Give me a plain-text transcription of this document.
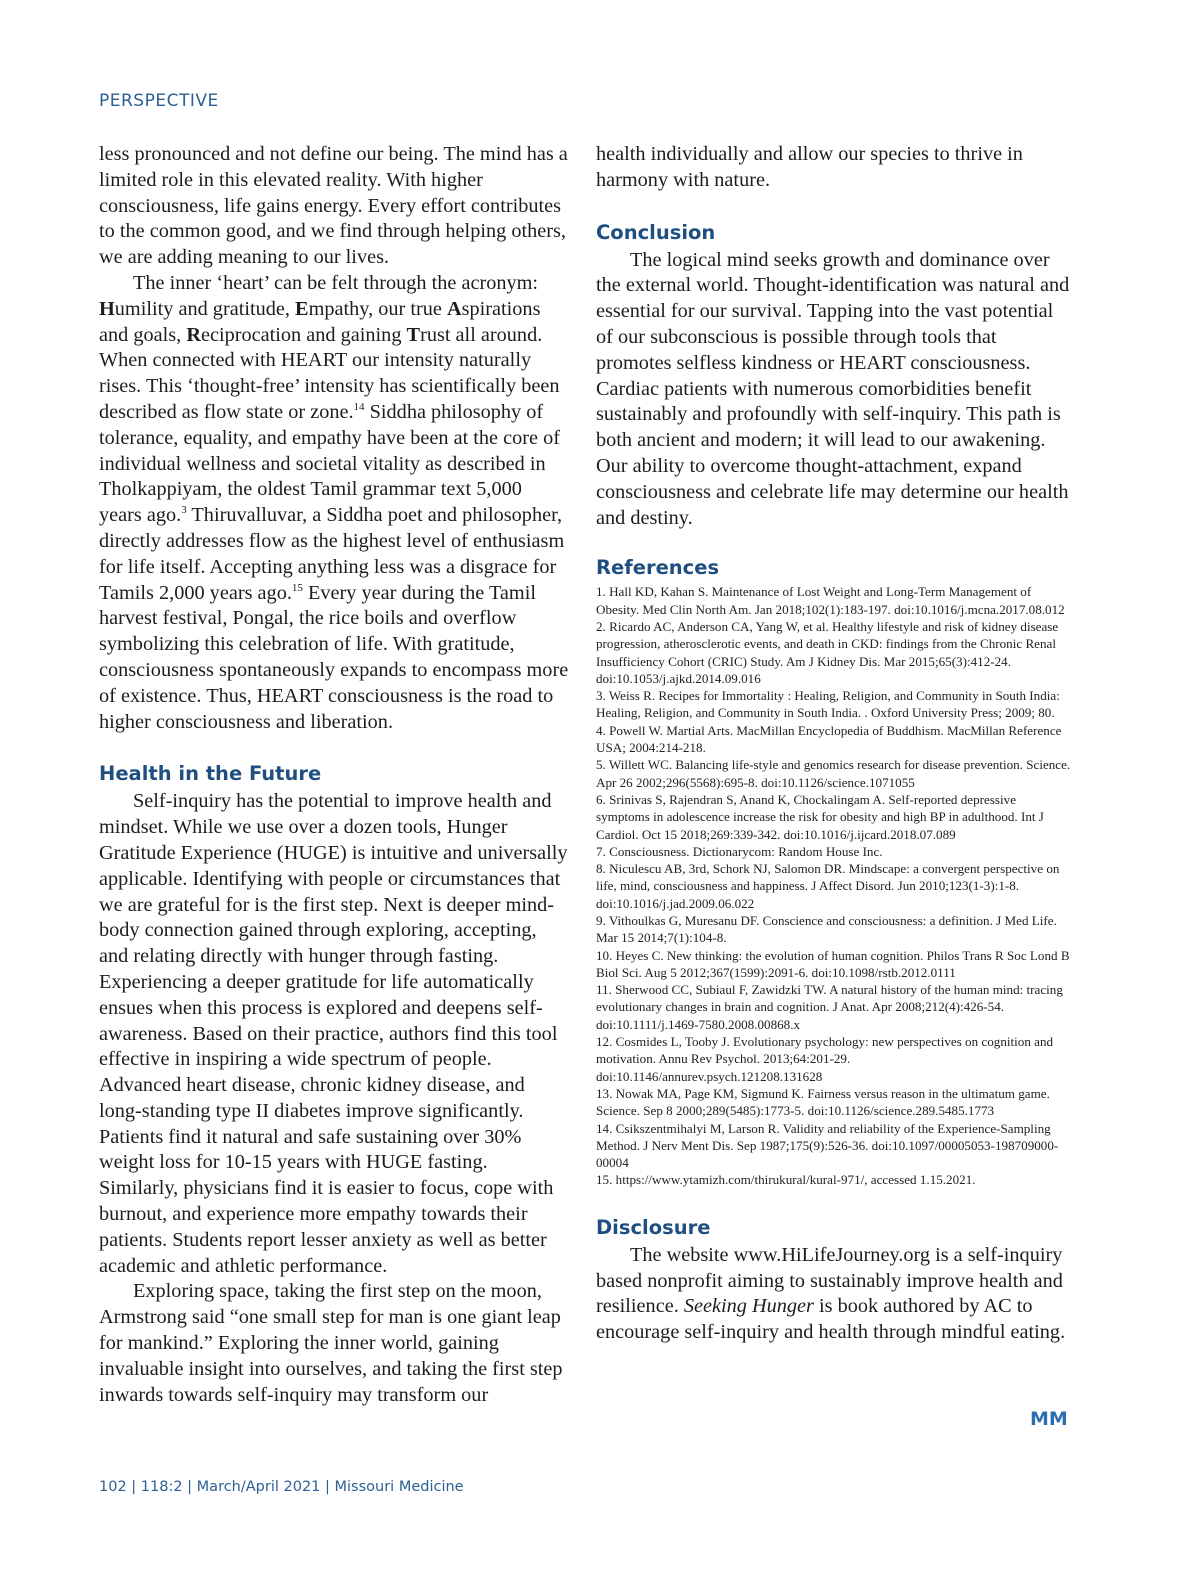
PERSPECTIVE

less pronounced and not define our being. The mind has a limited role in this elevated reality. With higher consciousness, life gains energy. Every effort contributes to the common good, and we find through helping others, we are adding meaning to our lives.

The inner ‘heart’ can be felt through the acronym: Humility and gratitude, Empathy, our true Aspirations and goals, Reciprocation and gaining Trust all around. When connected with HEART our intensity naturally rises. This ‘thought-free’ intensity has scientifically been described as flow state or zone.$^{14}$ Siddha philosophy of tolerance, equality, and empathy have been at the core of individual wellness and societal vitality as described in Tholkappiyam, the oldest Tamil grammar text 5,000 years ago.$^3$ Thiruvalluvar, a Siddha poet and philosopher, directly addresses flow as the highest level of enthusiasm for life itself. Accepting anything less was a disgrace for Tamils 2,000 years ago.$^{15}$ Every year during the Tamil harvest festival, Pongal, the rice boils and overflow symbolizing this celebration of life. With gratitude, consciousness spontaneously expands to encompass more of existence. Thus, HEART consciousness is the road to higher consciousness and liberation.

Health in the Future

Self-inquiry has the potential to improve health and mindset. While we use over a dozen tools, Hunger Gratitude Experience (HUGE) is intuitive and universally applicable. Identifying with people or circumstances that we are grateful for is the first step. Next is deeper mind-body connection gained through exploring, accepting, and relating directly with hunger through fasting. Experiencing a deeper gratitude for life automatically ensues when this process is explored and deepens self-awareness. Based on their practice, authors find this tool effective in inspiring a wide spectrum of people. Advanced heart disease, chronic kidney disease, and long-standing type II diabetes improve significantly. Patients find it natural and safe sustaining over 30% weight loss for 10-15 years with HUGE fasting. Similarly, physicians find it is easier to focus, cope with burnout, and experience more empathy towards their patients. Students report lesser anxiety as well as better academic and athletic performance.

Exploring space, taking the first step on the moon, Armstrong said “one small step for man is one giant leap for mankind.” Exploring the inner world, gaining invaluable insight into ourselves, and taking the first step inwards towards self-inquiry may transform our

health individually and allow our species to thrive in harmony with nature.

Conclusion

The logical mind seeks growth and dominance over the external world. Thought-identification was natural and essential for our survival. Tapping into the vast potential of our subconscious is possible through tools that promotes selfless kindness or HEART consciousness. Cardiac patients with numerous comorbidities benefit sustainably and profoundly with self-inquiry. This path is both ancient and modern; it will lead to our awakening. Our ability to overcome thought-attachment, expand consciousness and celebrate life may determine our health and destiny.

References
1. Hall KD, Kahan S. Maintenance of Lost Weight and Long-Term Management of Obesity. Med Clin North Am. Jan 2018;102(1):183-197. doi:10.1016/j.mcna.2017.08.012
2. Ricardo AC, Anderson CA, Yang W, et al. Healthy lifestyle and risk of kidney disease progression, atherosclerotic events, and death in CKD: findings from the Chronic Renal Insufficiency Cohort (CRIC) Study. Am J Kidney Dis. Mar 2015;65(3):412-24. doi:10.1053/j.ajkd.2014.09.016
3. Weiss R. Recipes for Immortality : Healing, Religion, and Community in South India: Healing, Religion, and Community in South India. . Oxford University Press; 2009; 80.
4. Powell W. Martial Arts. MacMillan Encyclopedia of Buddhism. MacMillan Reference USA; 2004:214-218.
5. Willett WC. Balancing life-style and genomics research for disease prevention. Science. Apr 26 2002;296(5568):695-8. doi:10.1126/science.1071055
6. Srinivas S, Rajendran S, Anand K, Chockalingam A. Self-reported depressive symptoms in adolescence increase the risk for obesity and high BP in adulthood. Int J Cardiol. Oct 15 2018;269:339-342. doi:10.1016/j.ijcard.2018.07.089
7. Consciousness. Dictionarycom: Random House Inc.
8. Niculescu AB, 3rd, Schork NJ, Salomon DR. Mindscape: a convergent perspective on life, mind, consciousness and happiness. J Affect Disord. Jun 2010;123(1-3):1-8. doi:10.1016/j.jad.2009.06.022
9. Vithoulkas G, Muresanu DF. Conscience and consciousness: a definition. J Med Life. Mar 15 2014;7(1):104-8.
10. Heyes C. New thinking: the evolution of human cognition. Philos Trans R Soc Lond B Biol Sci. Aug 5 2012;367(1599):2091-6. doi:10.1098/rstb.2012.0111
11. Sherwood CC, Subiaul F, Zawidzki TW. A natural history of the human mind: tracing evolutionary changes in brain and cognition. J Anat. Apr 2008;212(4):426-54. doi:10.1111/j.1469-7580.2008.00868.x
12. Cosmides L, Tooby J. Evolutionary psychology: new perspectives on cognition and motivation. Annu Rev Psychol. 2013;64:201-29. doi:10.1146/annurev.psych.121208.131628
13. Nowak MA, Page KM, Sigmund K. Fairness versus reason in the ultimatum game. Science. Sep 8 2000;289(5485):1773-5. doi:10.1126/science.289.5485.1773
14. Csikszentmihalyi M, Larson R. Validity and reliability of the Experience-Sampling Method. J Nerv Ment Dis. Sep 1987;175(9):526-36. doi:10.1097/00005053-198709000-00004
15. https://www.ytamizh.com/thirukural/kural-971/, accessed 1.15.2021.
Disclosure

The website www.HiLifeJourney.org is a self-inquiry based nonprofit aiming to sustainably improve health and resilience. Seeking Hunger is book authored by AC to encourage self-inquiry and health through mindful eating.

MM
102 | 118:2 | March/April 2021 | Missouri Medicine
